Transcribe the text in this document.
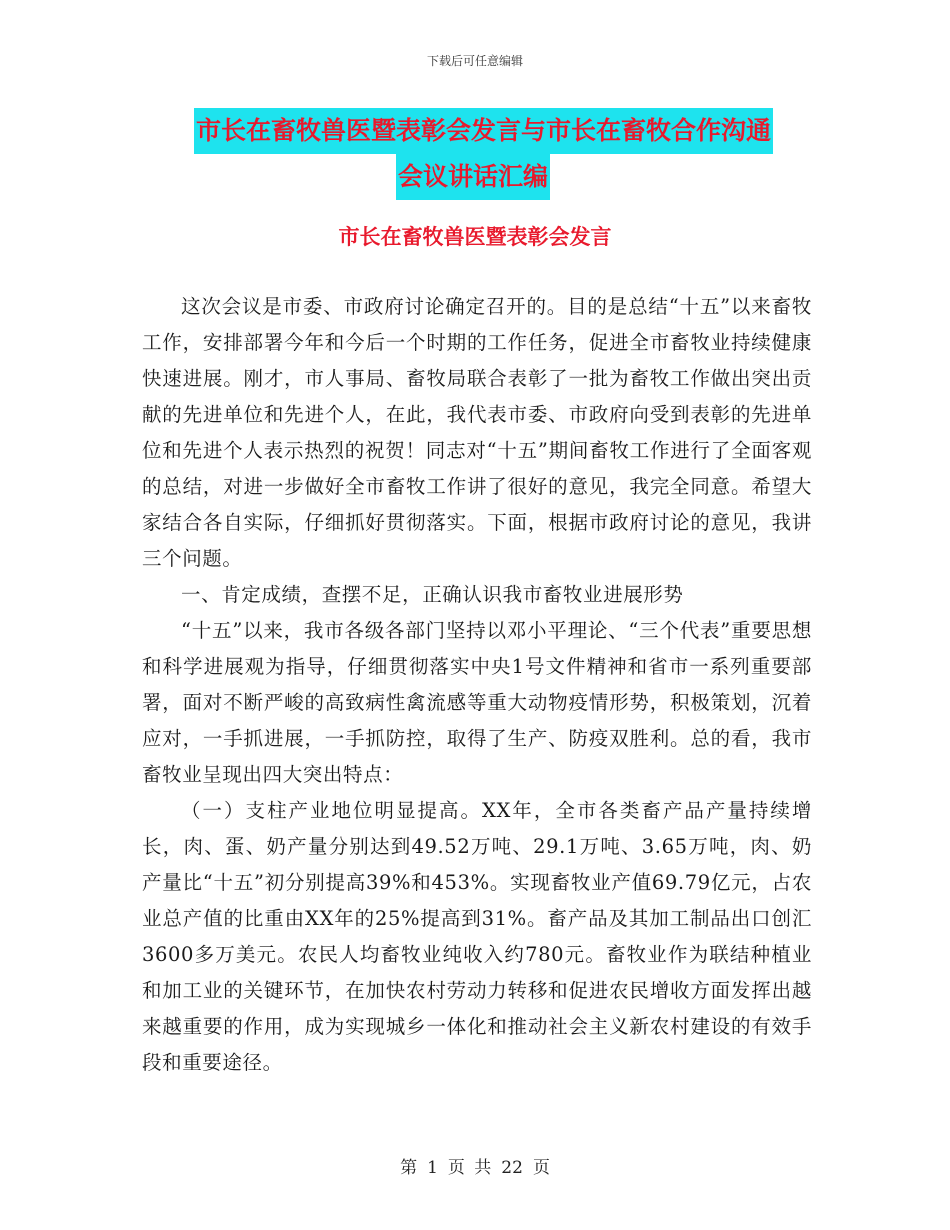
下载后可任意编辑
市长在畜牧兽医暨表彰会发言与市长在畜牧合作沟通
会议讲话汇编
市长在畜牧兽医暨表彰会发言

这次会议是市委、市政府讨论确定召开的。目的是总结“十五”以来畜牧工作，安排部署今年和今后一个时期的工作任务，促进全市畜牧业持续健康快速进展。刚才，市人事局、畜牧局联合表彰了一批为畜牧工作做出突出贡献的先进单位和先进个人，在此，我代表市委、市政府向受到表彰的先进单位和先进个人表示热烈的祝贺！同志对“十五”期间畜牧工作进行了全面客观的总结，对进一步做好全市畜牧工作讲了很好的意见，我完全同意。希望大家结合各自实际，仔细抓好贯彻落实。下面，根据市政府讨论的意见，我讲三个问题。

一、肯定成绩，查摆不足，正确认识我市畜牧业进展形势

“十五”以来，我市各级各部门坚持以邓小平理论、“三个代表”重要思想和科学进展观为指导，仔细贯彻落实中央1号文件精神和省市一系列重要部署，面对不断严峻的高致病性禽流感等重大动物疫情形势，积极策划，沉着应对，一手抓进展，一手抓防控，取得了生产、防疫双胜利。总的看，我市畜牧业呈现出四大突出特点：

（一）支柱产业地位明显提高。XX年，全市各类畜产品产量持续增长，肉、蛋、奶产量分别达到49.52万吨、29.1万吨、3.65万吨，肉、奶产量比“十五”初分别提高39%和453%。实现畜牧业产值69.79亿元，占农业总产值的比重由XX年的25%提高到31%。畜产品及其加工制品出口创汇3600多万美元。农民人均畜牧业纯收入约780元。畜牧业作为联结种植业和加工业的关键环节，在加快农村劳动力转移和促进农民增收方面发挥出越来越重要的作用，成为实现城乡一体化和推动社会主义新农村建设的有效手段和重要途径。

第 1 页 共 22 页
